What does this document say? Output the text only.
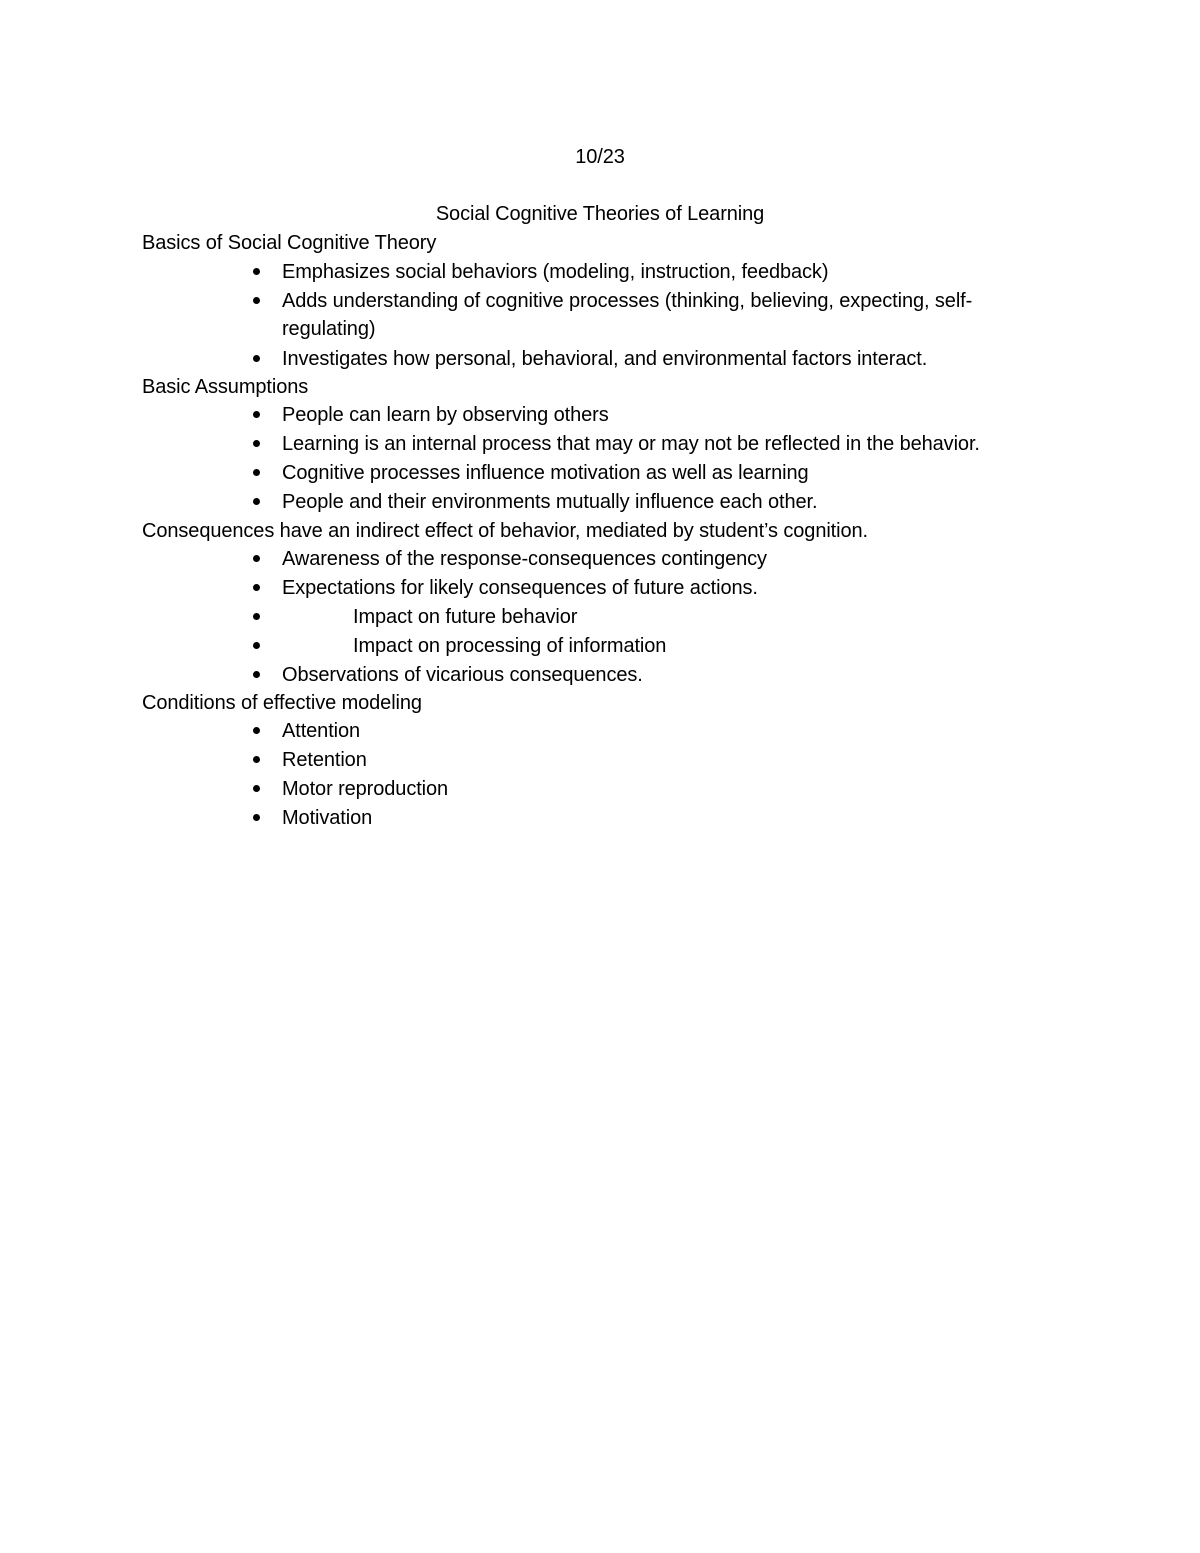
10/23
Social Cognitive Theories of Learning
Basics of Social Cognitive Theory
Emphasizes social behaviors (modeling, instruction, feedback)
Adds understanding of cognitive processes (thinking, believing, expecting, self-
regulating)
Investigates how personal, behavioral, and environmental factors interact.
Basic Assumptions
People can learn by observing others
Learning is an internal process that may or may not be reflected in the behavior.
Cognitive processes influence motivation as well as learning
People and their environments mutually influence each other.
Consequences have an indirect effect of behavior, mediated by student’s cognition.
Awareness of the response-consequences contingency
Expectations for likely consequences of future actions.
Impact on future behavior
Impact on processing of information
Observations of vicarious consequences.
Conditions of effective modeling
Attention
Retention
Motor reproduction
Motivation
